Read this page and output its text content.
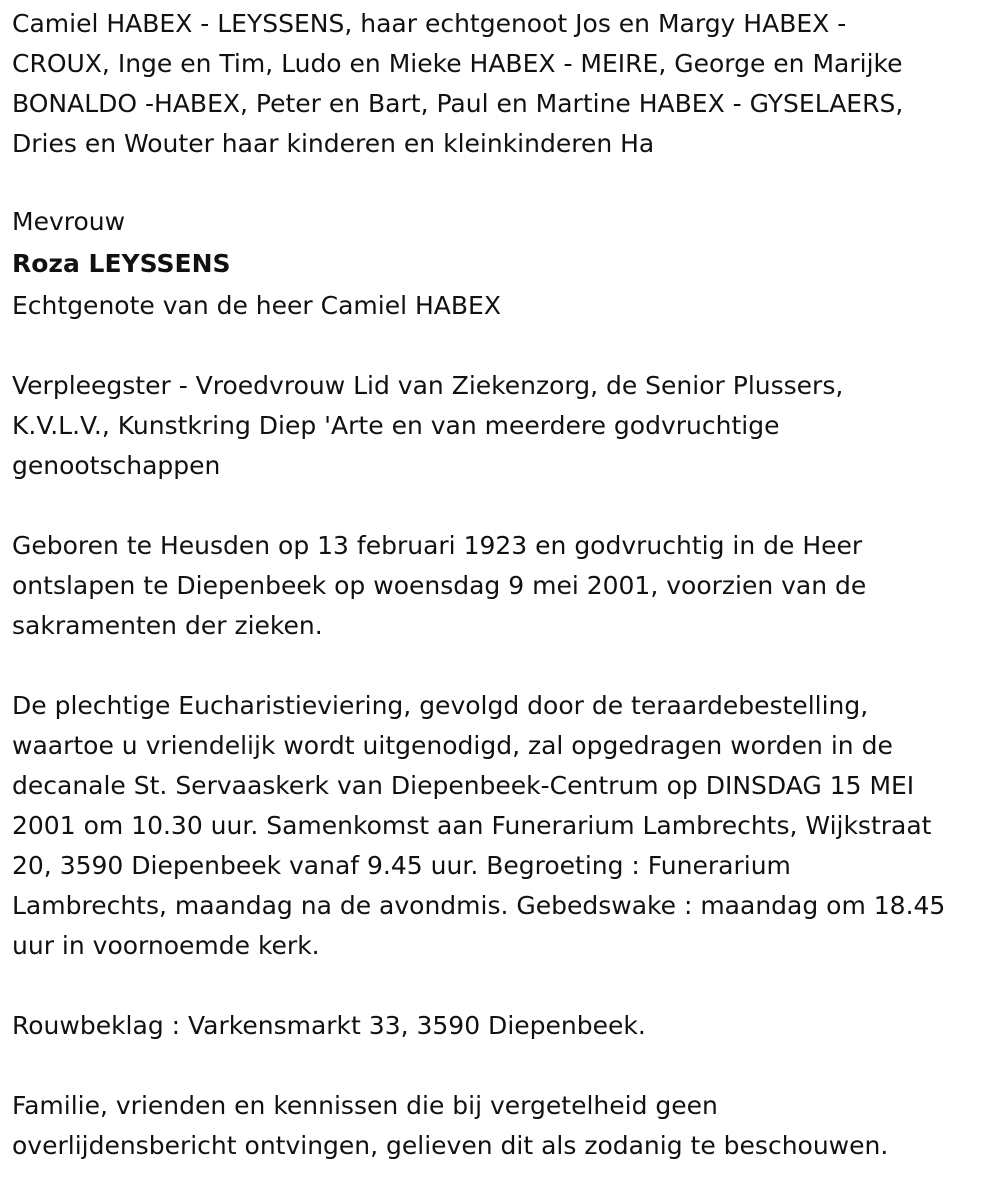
Camiel HABEX - LEYSSENS, haar echtgenoot Jos en Margy HABEX -
CROUX, Inge en Tim, Ludo en Mieke HABEX - MEIRE, George en Marijke
BONALDO -HABEX, Peter en Bart, Paul en Martine HABEX - GYSELAERS,
Dries en Wouter haar kinderen en kleinkinderen Ha

Mevrouw

Roza LEYSSENS

Echtgenote van de heer Camiel HABEX

Verpleegster - Vroedvrouw Lid van Ziekenzorg, de Senior Plussers,
K.V.L.V., Kunstkring Diep 'Arte en van meerdere godvruchtige
genootschappen

Geboren te Heusden op 13 februari 1923 en godvruchtig in de Heer
ontslapen te Diepenbeek op woensdag 9 mei 2001, voorzien van de
sakramenten der zieken.

De plechtige Eucharistieviering, gevolgd door de teraardebestelling,
waartoe u vriendelijk wordt uitgenodigd, zal opgedragen worden in de
decanale St. Servaaskerk van Diepenbeek-Centrum op DINSDAG 15 MEI
2001 om 10.30 uur. Samenkomst aan Funerarium Lambrechts, Wijkstraat
20, 3590 Diepenbeek vanaf 9.45 uur. Begroeting : Funerarium
Lambrechts, maandag na de avondmis. Gebedswake : maandag om 18.45
uur in voornoemde kerk.

Rouwbeklag : Varkensmarkt 33, 3590 Diepenbeek.

Familie, vrienden en kennissen die bij vergetelheid geen
overlijdensbericht ontvingen, gelieven dit als zodanig te beschouwen.
